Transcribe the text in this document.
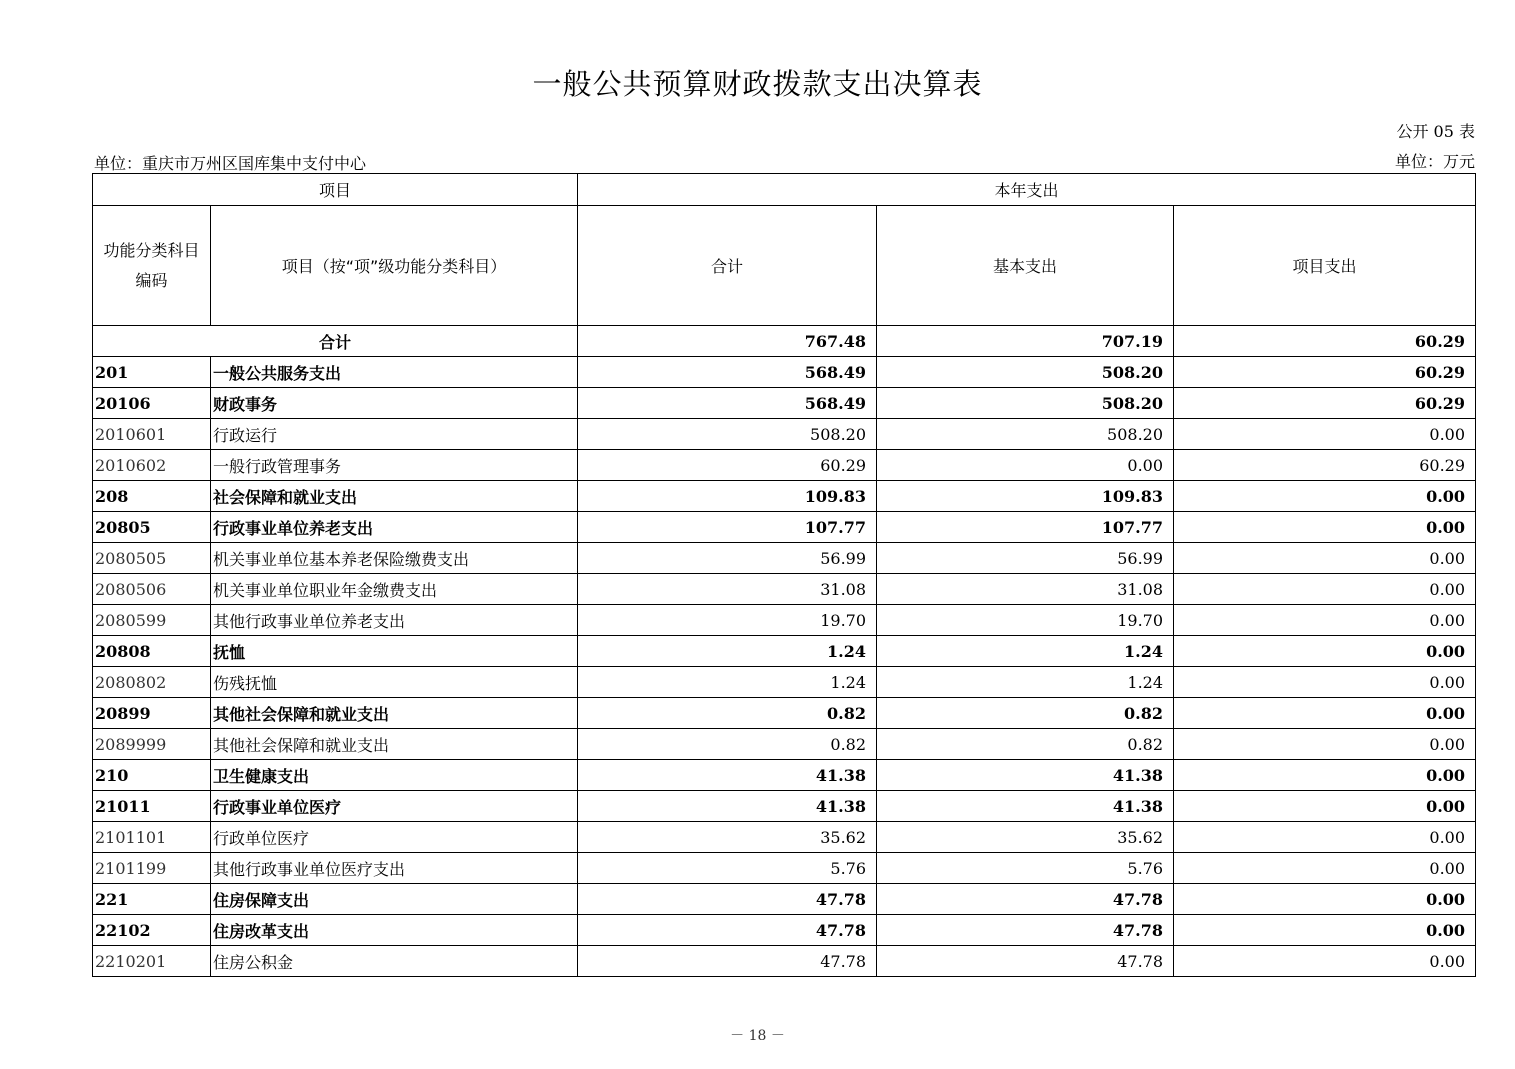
一般公共预算财政拨款支出决算表
公开 05 表
单位：重庆市万州区国库集中支付中心	单位：万元
项目		本年支出		
功能分类科目编码	项目（按“项”级功能分类科目）	合计	基本支出	项目支出
合计		767.48	707.19	60.29
201	一般公共服务支出	568.49	508.20	60.29
20106	财政事务	568.49	508.20	60.29
2010601	行政运行	508.20	508.20	0.00
2010602	一般行政管理事务	60.29	0.00	60.29
208	社会保障和就业支出	109.83	109.83	0.00
20805	行政事业单位养老支出	107.77	107.77	0.00
2080505	机关事业单位基本养老保险缴费支出	56.99	56.99	0.00
2080506	机关事业单位职业年金缴费支出	31.08	31.08	0.00
2080599	其他行政事业单位养老支出	19.70	19.70	0.00
20808	抚恤	1.24	1.24	0.00
2080802	伤残抚恤	1.24	1.24	0.00
20899	其他社会保障和就业支出	0.82	0.82	0.00
2089999	其他社会保障和就业支出	0.82	0.82	0.00
210	卫生健康支出	41.38	41.38	0.00
21011	行政事业单位医疗	41.38	41.38	0.00
2101101	行政单位医疗	35.62	35.62	0.00
2101199	其他行政事业单位医疗支出	5.76	5.76	0.00
221	住房保障支出	47.78	47.78	0.00
22102	住房改革支出	47.78	47.78	0.00
2210201	住房公积金	47.78	47.78	0.00
－ 18 －
